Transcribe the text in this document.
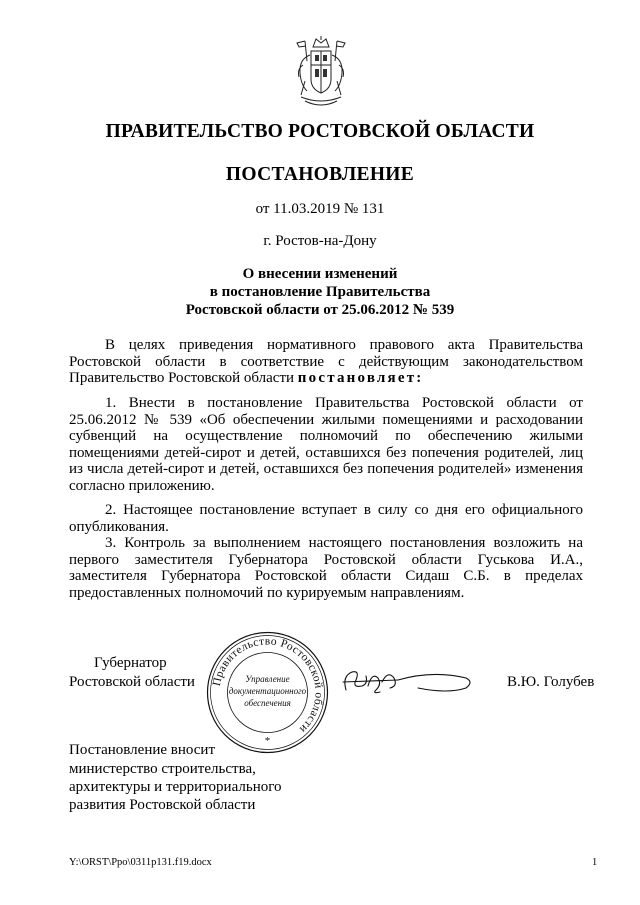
ПРАВИТЕЛЬСТВО РОСТОВСКОЙ ОБЛАСТИ
ПОСТАНОВЛЕНИЕ
от 11.03.2019 № 131
г. Ростов-на-Дону
О внесении изменений
в постановление Правительства
Ростовской области от 25.06.2012 № 539

В целях приведения нормативного правового акта Правительства Ростовской области в соответствие с действующим законодательством Правительство Ростовской области постановляет:

1. Внести в постановление Правительства Ростовской области от 25.06.2012 № 539 «Об обеспечении жилыми помещениями и расходовании субвенций на осуществление полномочий по обеспечению жилыми помещениями детей-сирот и детей, оставшихся без попечения родителей, лиц из числа детей-сирот и детей, оставшихся без попечения родителей» изменения согласно приложению.

2. Настоящее постановление вступает в силу со дня его официального опубликования.

3. Контроль за выполнением настоящего постановления возложить на первого заместителя Губернатора Ростовской области Гуськова И.А., заместителя Губернатора Ростовской области Сидаш С.Б. в пределах предоставленных полномочий по курируемым направлениям.

Губернатор
Ростовской области Правительство Ростовской области
Управление
документационного
обеспечения
*
В.Ю. Голубев
Постановление вносит
министерство строительства,
архитектуры и территориального
развития Ростовской области
Y:\ORST\Ppo\0311p131.f19.docx	1
